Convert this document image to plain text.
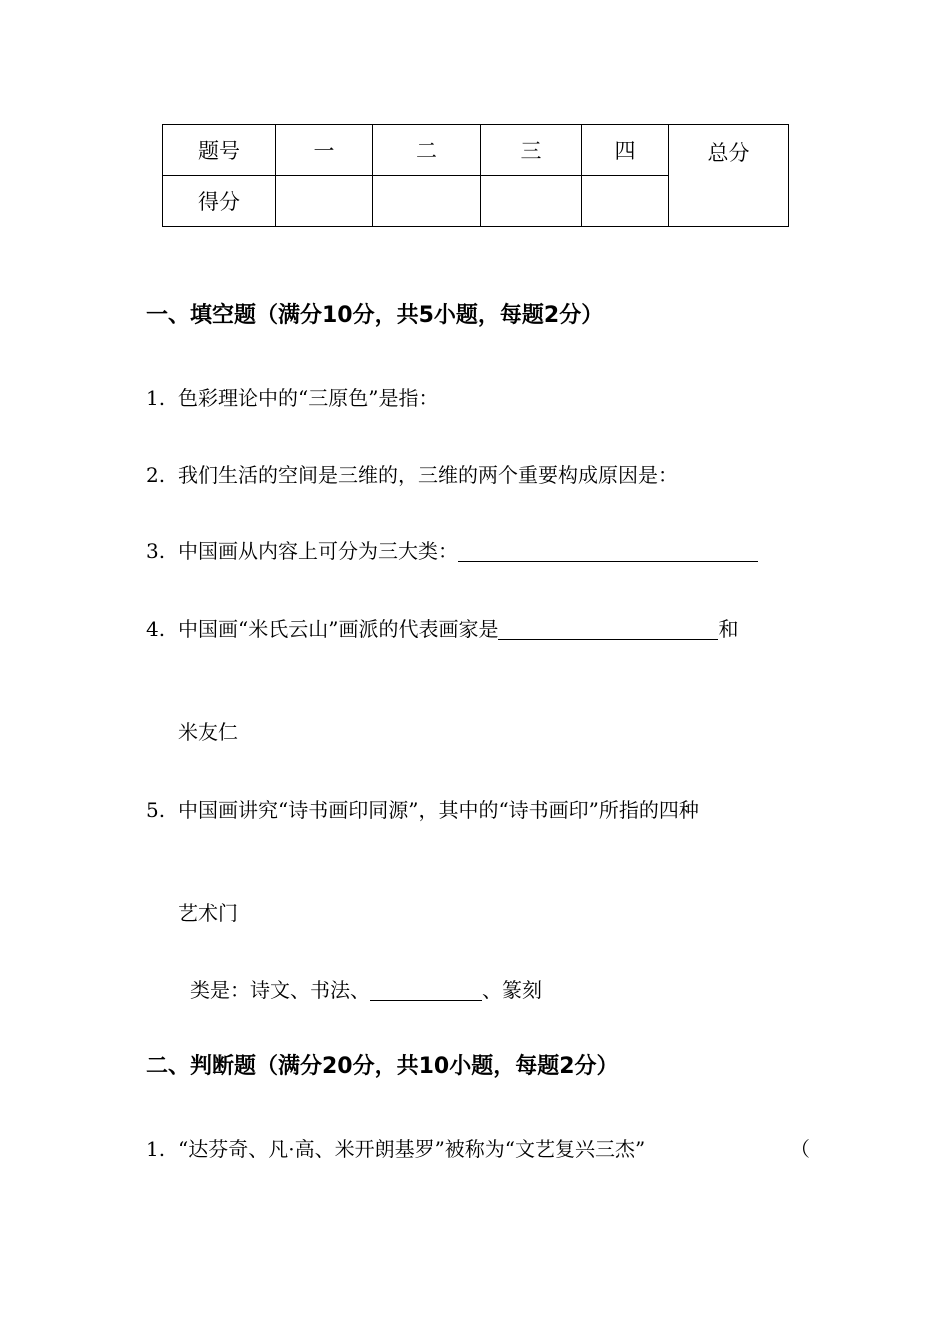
题号	一	二	三	四	总分
得分					
一、填空题（满分10分，共5小题，每题2分）
1. 色彩理论中的“三原色”是指：
2. 我们生活的空间是三维的，三维的两个重要构成原因是：
3. 中国画从内容上可分为三大类：
4. 中国画“米氏云山”画派的代表画家是	和
米友仁
5. 中国画讲究“诗书画印同源”，其中的“诗书画印”所指的四种
艺术门
类是：诗文、书法、	、篆刻
二、判断题（满分20分，共10小题，每题2分）
1. “达芬奇、凡·高、米开朗基罗”被称为“文艺复兴三杰”	（
